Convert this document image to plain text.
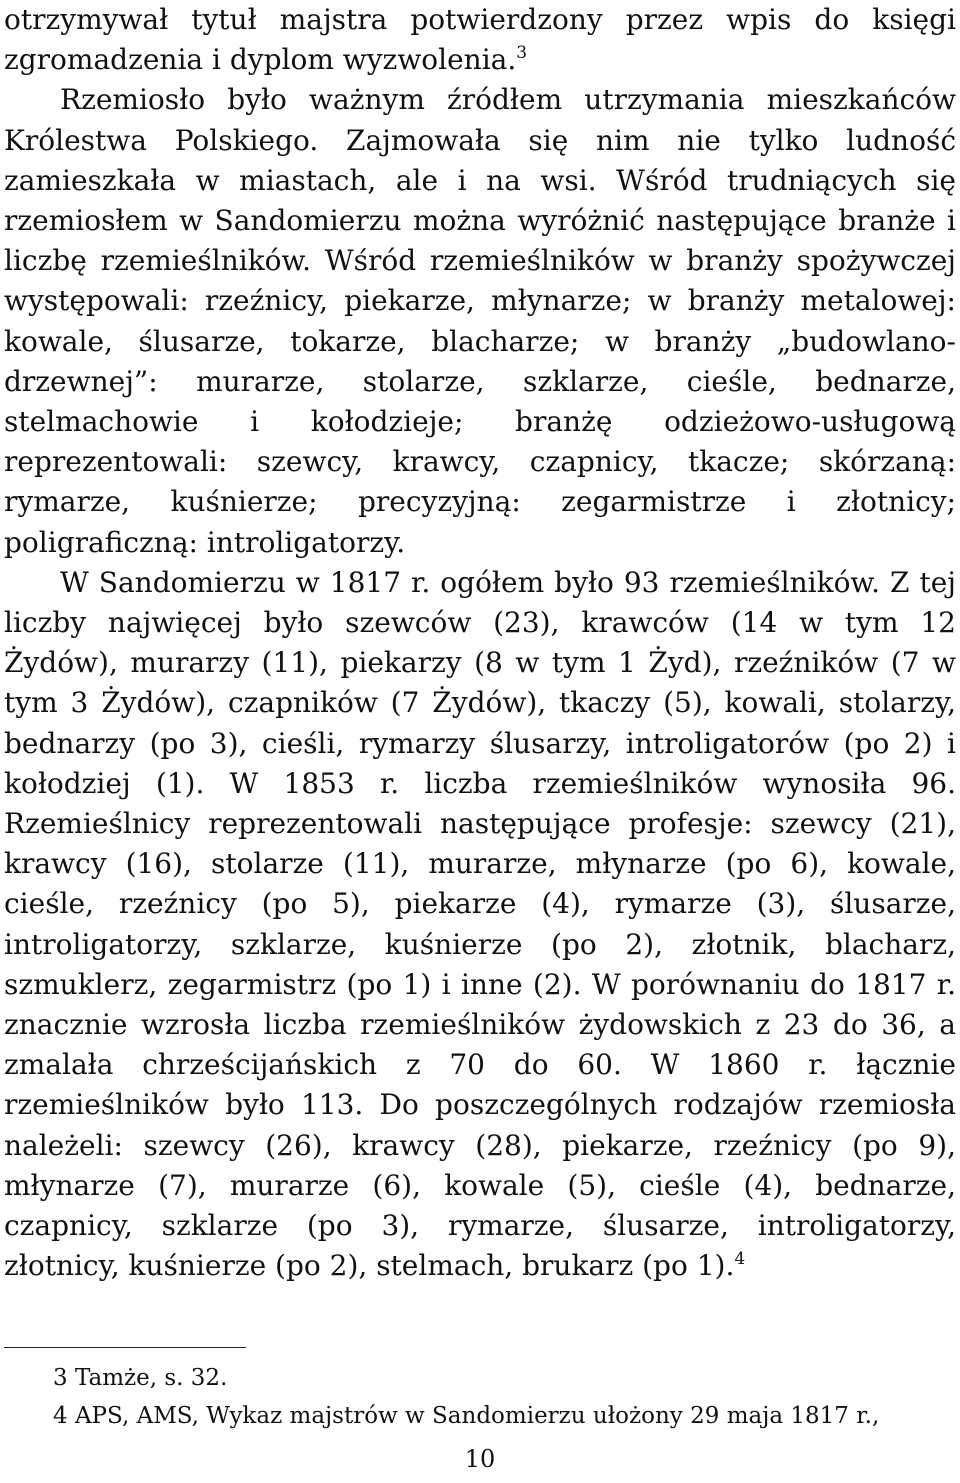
otrzymywał tytuł majstra potwierdzony przez wpis do księgi zgromadzenia i dyplom wyzwolenia.$^3$

Rzemiosło było ważnym źródłem utrzymania mieszkańców Królestwa Polskiego. Zajmowała się nim nie tylko ludność zamieszkała w miastach, ale i na wsi. Wśród trudniących się rzemiosłem w Sandomierzu można wyróżnić następujące branże i liczbę rzemieślników. Wśród rzemieślników w branży spożywczej występowali: rzeźnicy, piekarze, młynarze; w branży metalowej: kowale, ślusarze, tokarze, blacharze; w branży „budowlano-drzewnej”: murarze, stolarze, szklarze, cieśle, bednarze, stelmachowie i kołodzieje; branżę odzieżowo-usługową reprezentowali: szewcy, krawcy, czapnicy, tkacze; skórzaną: rymarze, kuśnierze; precyzyjną: zegarmistrze i złotnicy; poligraficzną: introligatorzy.

W Sandomierzu w 1817 r. ogółem było 93 rzemieślników. Z tej liczby najwięcej było szewców (23), krawców (14 w tym 12 Żydów), murarzy (11), piekarzy (8 w tym 1 Żyd), rzeźników (7 w tym 3 Żydów), czapników (7 Żydów), tkaczy (5), kowali, stolarzy, bednarzy (po 3), cieśli, rymarzy ślusarzy, introligatorów (po 2) i kołodziej (1). W 1853 r. liczba rzemieślników wynosiła 96. Rzemieślnicy reprezentowali następujące profesje: szewcy (21), krawcy (16), stolarze (11), murarze, młynarze (po 6), kowale, cieśle, rzeźnicy (po 5), piekarze (4), rymarze (3), ślusarze, introligatorzy, szklarze, kuśnierze (po 2), złotnik, blacharz, szmuklerz, zegarmistrz (po 1) i inne (2). W porównaniu do 1817 r. znacznie wzrosła liczba rzemieślników żydowskich z 23 do 36, a zmalała chrześcijańskich z 70 do 60. W 1860 r. łącznie rzemieślników było 113. Do poszczególnych rodzajów rzemiosła należeli: szewcy (26), krawcy (28), piekarze, rzeźnicy (po 9), młynarze (7), murarze (6), kowale (5), cieśle (4), bednarze, czapnicy, szklarze (po 3), rymarze, ślusarze, introligatorzy, złotnicy, kuśnierze (po 2), stelmach, brukarz (po 1).$^4$

3 Tamże, s. 32.

4 APS, AMS, Wykaz majstrów w Sandomierzu ułożony 29 maja 1817 r.,

10
